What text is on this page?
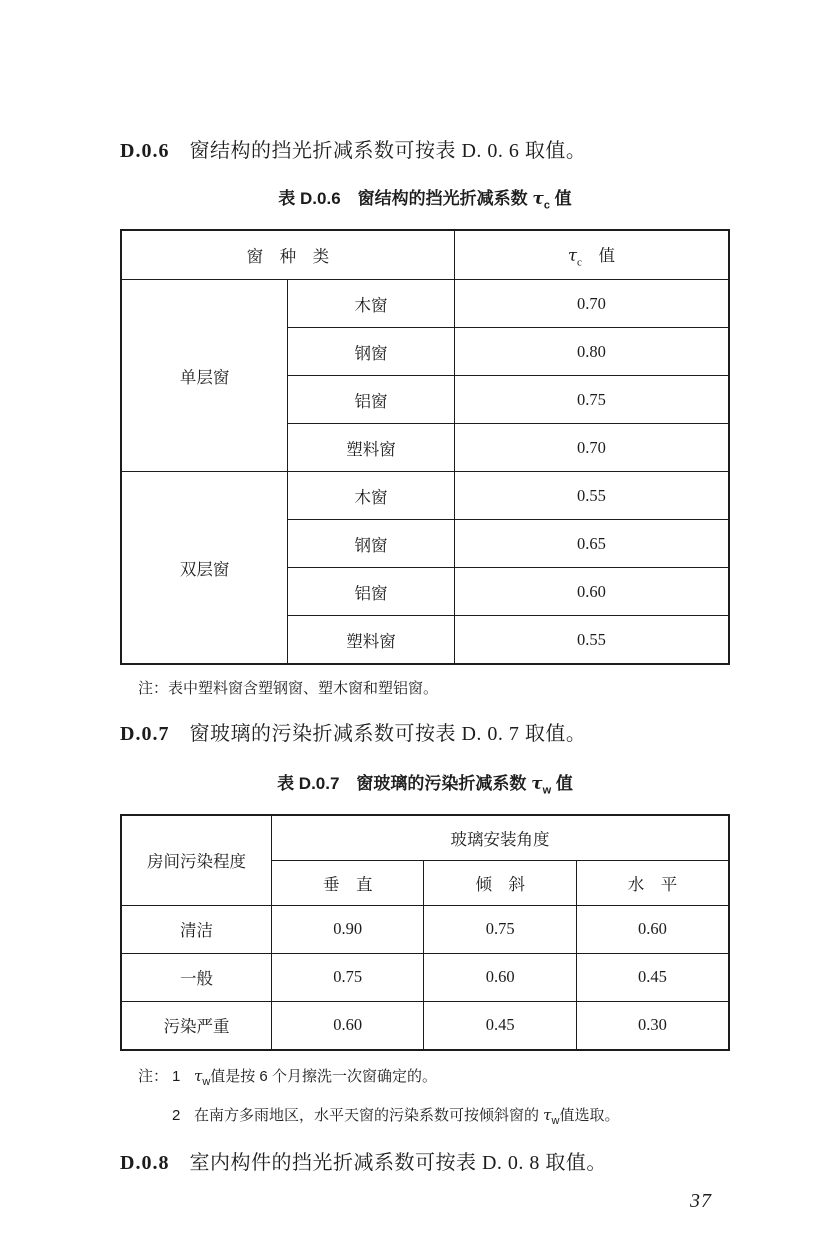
D.0.6 窗结构的挡光折减系数可按表 D. 0. 6 取值。
表 D.0.6　窗结构的挡光折减系数 $\tau_c$ 值
窗　种　类		$\tau_c$　值
单层窗	木窗	0.70
	钢窗	0.80
	铝窗	0.75
	塑料窗	0.70
双层窗	木窗	0.55
	钢窗	0.65
	铝窗	0.60
	塑料窗	0.55
注：表中塑料窗含塑钢窗、塑木窗和塑铝窗。
D.0.7 窗玻璃的污染折减系数可按表 D. 0. 7 取值。
表 D.0.7　窗玻璃的污染折减系数 $\tau_w$ 值
房间污染程度	玻璃安装角度		
	垂　直	倾　斜	水　平
清洁	0.90	0.75	0.60
一般	0.75	0.60	0.45
污染严重	0.60	0.45	0.30
注： 1 $\tau_w$值是按 6 个月擦洗一次窗确定的。
2 在南方多雨地区，水平天窗的污染系数可按倾斜窗的 $\tau_w$值选取。
D.0.8 室内构件的挡光折减系数可按表 D. 0. 8 取值。
37
